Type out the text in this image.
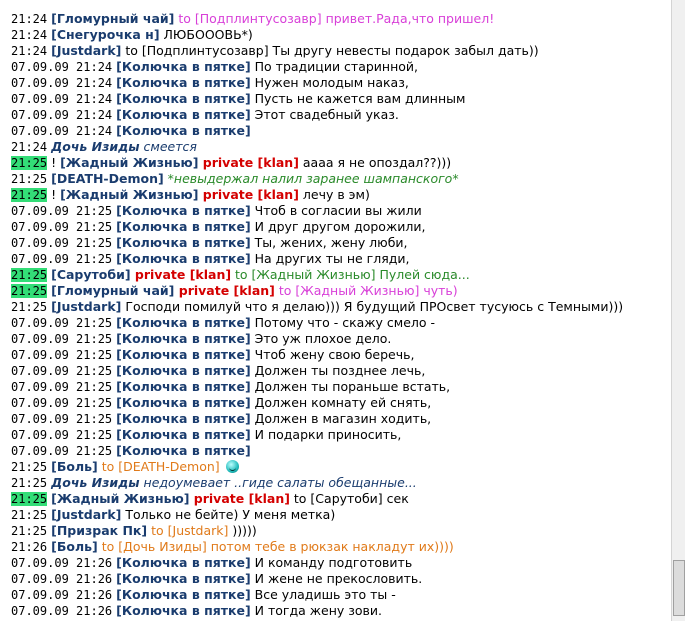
21:24 [Гломурный чай] to [Подплинтусозавр] привет.Рада,что пришел!
21:24 [Снегурочка н] ЛЮБОООВЬ*)
21:24 [Justdark] to [Подплинтусозавр] Ты другу невесты подарок забыл дать))
07.09.09 21:24 [Колючка в пятке] По традиции старинной,
07.09.09 21:24 [Колючка в пятке] Нужен молодым наказ,
07.09.09 21:24 [Колючка в пятке] Пусть не кажется вам длинным
07.09.09 21:24 [Колючка в пятке] Этот свадебный указ.
07.09.09 21:24 [Колючка в пятке]
21:24 Дочь Изиды смеется
21:25 ! [Жадный Жизнью] private [klan] аааа я не опоздал??)))
21:25 [DEATH-Demon] *невыдержал налил заранее шампанского*
21:25 ! [Жадный Жизнью] private [klan] лечу в эм)
07.09.09 21:25 [Колючка в пятке] Чтоб в согласии вы жили
07.09.09 21:25 [Колючка в пятке] И друг другом дорожили,
07.09.09 21:25 [Колючка в пятке] Ты, жених, жену люби,
07.09.09 21:25 [Колючка в пятке] На других ты не гляди,
21:25 [Сарутоби] private [klan] to [Жадный Жизнью] Пулей сюда...
21:25 [Гломурный чай] private [klan] to [Жадный Жизнью] чуть)
21:25 [Justdark] Господи помилуй что я делаю))) Я будущий ПРОсвет тусуюсь с Темными)))
07.09.09 21:25 [Колючка в пятке] Потому что - скажу смело -
07.09.09 21:25 [Колючка в пятке] Это уж плохое дело.
07.09.09 21:25 [Колючка в пятке] Чтоб жену свою беречь,
07.09.09 21:25 [Колючка в пятке] Должен ты позднее лечь,
07.09.09 21:25 [Колючка в пятке] Должен ты пораньше встать,
07.09.09 21:25 [Колючка в пятке] Должен комнату ей снять,
07.09.09 21:25 [Колючка в пятке] Должен в магазин ходить,
07.09.09 21:25 [Колючка в пятке] И подарки приносить,
07.09.09 21:25 [Колючка в пятке]
21:25 [Боль] to [DEATH-Demon]
21:25 Дочь Изиды недоумевает ..гиде салаты обещанные...
21:25 [Жадный Жизнью] private [klan] to [Сарутоби] сек
21:25 [Justdark] Только не бейте) У меня метка)
21:25 [Призрак Пк] to [Justdark] )))))
21:26 [Боль] to [Дочь Изиды] потом тебе в рюкзак накладут их))))
07.09.09 21:26 [Колючка в пятке] И команду подготовить
07.09.09 21:26 [Колючка в пятке] И жене не прекословить.
07.09.09 21:26 [Колючка в пятке] Все уладишь это ты -
07.09.09 21:26 [Колючка в пятке] И тогда жену зови.
